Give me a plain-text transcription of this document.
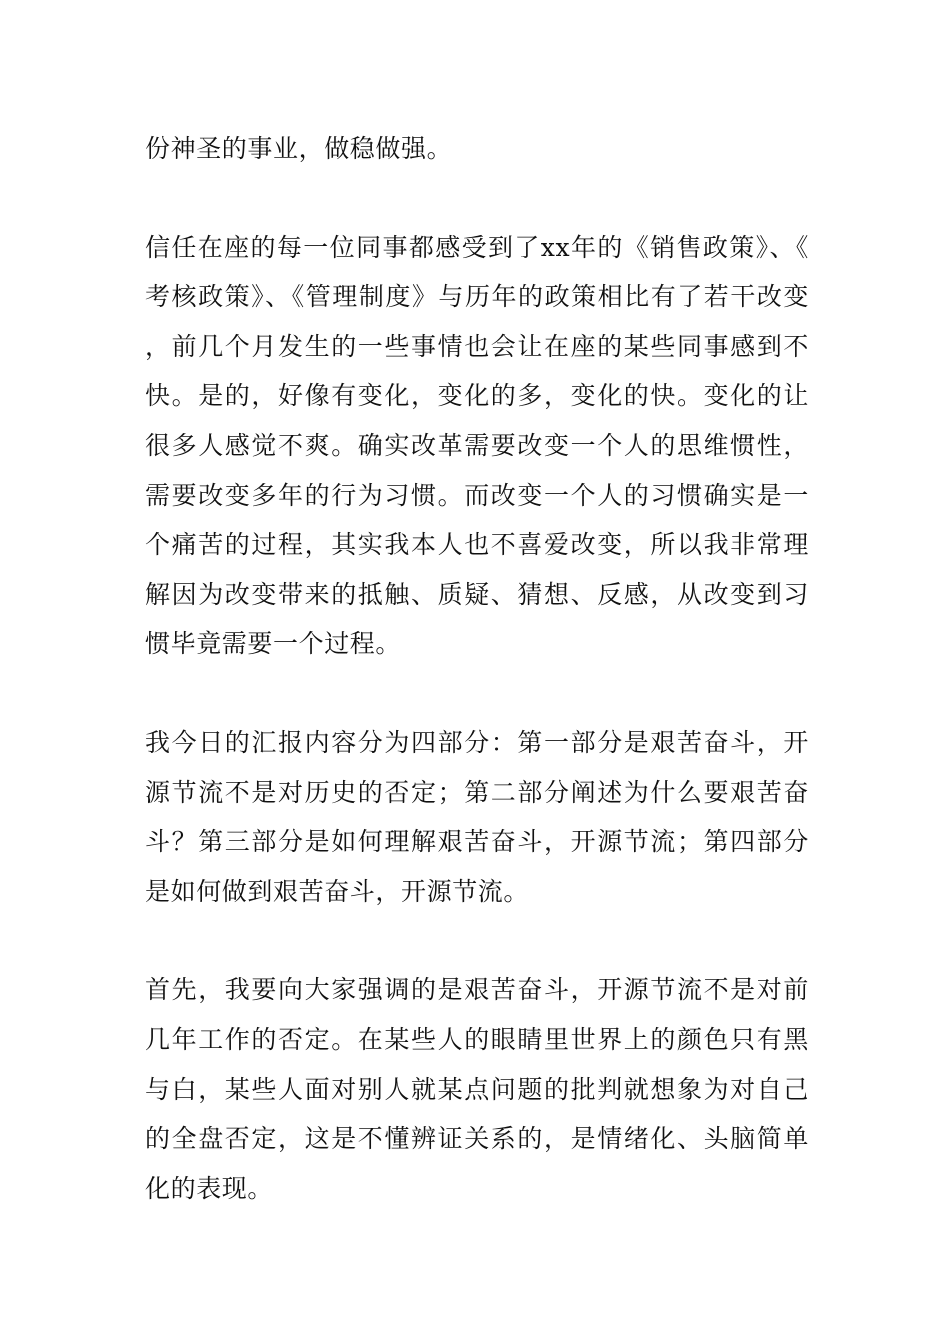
份神圣的事业，做稳做强。

信任在座的每一位同事都感受到了xx年的《销售政策》、《考核政策》、《管理制度》与历年的政策相比有了若干改变，前几个月发生的一些事情也会让在座的某些同事感到不快。是的，好像有变化，变化的多，变化的快。变化的让很多人感觉不爽。确实改革需要改变一个人的思维惯性，需要改变多年的行为习惯。而改变一个人的习惯确实是一个痛苦的过程，其实我本人也不喜爱改变，所以我非常理解因为改变带来的抵触、质疑、猜想、反感，从改变到习惯毕竟需要一个过程。

我今日的汇报内容分为四部分：第一部分是艰苦奋斗，开源节流不是对历史的否定；第二部分阐述为什么要艰苦奋斗？第三部分是如何理解艰苦奋斗，开源节流；第四部分是如何做到艰苦奋斗，开源节流。

首先，我要向大家强调的是艰苦奋斗，开源节流不是对前几年工作的否定。在某些人的眼睛里世界上的颜色只有黑与白，某些人面对别人就某点问题的批判就想象为对自己的全盘否定，这是不懂辨证关系的，是情绪化、头脑简单化的表现。
